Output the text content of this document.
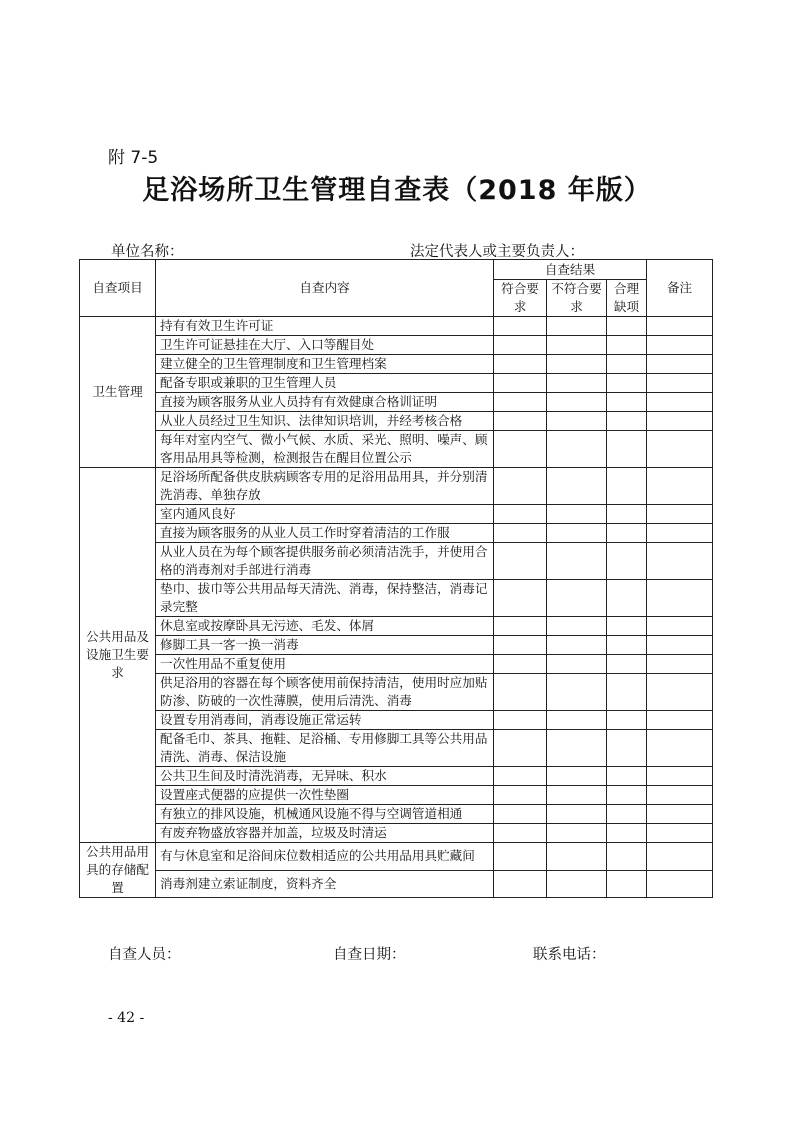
附 7-5
足浴场所卫生管理自查表（2018 年版）
单位名称：	法定代表人或主要负责人：
自查项目	自查内容	自查结果			备注
		符合要求	不符合要求	合理缺项	
卫生管理	持有有效卫生许可证				
	卫生许可证悬挂在大厅、入口等醒目处				
	建立健全的卫生管理制度和卫生管理档案				
	配备专职或兼职的卫生管理人员				
	直接为顾客服务从业人员持有有效健康合格训证明				
	从业人员经过卫生知识、法律知识培训，并经考核合格				
	每年对室内空气、微小气候、水质、采光、照明、噪声、顾客用品用具等检测，检测报告在醒目位置公示				
公共用品及设施卫生要求	足浴场所配备供皮肤病顾客专用的足浴用品用具，并分别清洗消毒、单独存放				
	室内通风良好				
	直接为顾客服务的从业人员工作时穿着清洁的工作服				
	从业人员在为每个顾客提供服务前必须清洁洗手，并使用合格的消毒剂对手部进行消毒				
	垫巾、拔巾等公共用品每天清洗、消毒，保持整洁，消毒记录完整				
	休息室或按摩卧具无污迹、毛发、体屑				
	修脚工具一客一换一消毒				
	一次性用品不重复使用				
	供足浴用的容器在每个顾客使用前保持清洁，使用时应加贴防渗、防破的一次性薄膜，使用后清洗、消毒				
	设置专用消毒间，消毒设施正常运转				
	配备毛巾、茶具、拖鞋、足浴桶、专用修脚工具等公共用品清洗、消毒、保洁设施				
	公共卫生间及时清洗消毒，无异味、积水				
	设置座式便器的应提供一次性垫圈				
	有独立的排风设施，机械通风设施不得与空调管道相通				
	有废弃物盛放容器并加盖，垃圾及时清运				
公共用品用具的存储配置	有与休息室和足浴间床位数相适应的公共用品用具贮藏间				
	消毒剂建立索证制度，资料齐全				
自查人员：	自查日期：	联系电话：
- 42 -
